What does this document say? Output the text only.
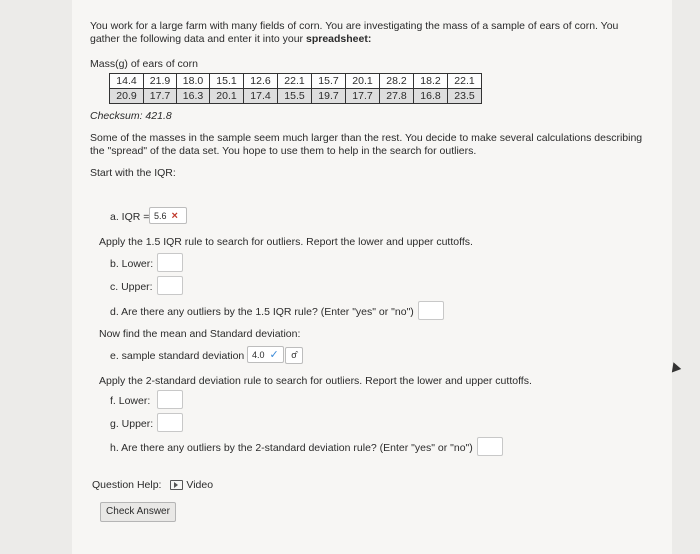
You work for a large farm with many fields of corn. You are investigating the mass of a sample of ears of corn. You gather the following data and enter it into your spreadsheet:
Mass(g) of ears of corn
14.4	21.9	18.0	15.1	12.6	22.1	15.7	20.1	28.2	18.2	22.1
20.9	17.7	16.3	20.1	17.4	15.5	19.7	17.7	27.8	16.8	23.5
Checksum: 421.8
Some of the masses in the sample seem much larger than the rest. You decide to make several calculations describing the "spread" of the data set. You hope to use them to help in the search for outliers.
Start with the IQR:
a. IQR = 5.6 ×
Apply the 1.5 IQR rule to search for outliers. Report the lower and upper cuttoffs.
b. Lower:
c. Upper:
d. Are there any outliers by the 1.5 IQR rule? (Enter "yes" or "no")
Now find the mean and Standard deviation:
e. sample standard deviation 4.0 ✓	σ̂
Apply the 2-standard deviation rule to search for outliers. Report the lower and upper cuttoffs.
f. Lower:
g. Upper:
h. Are there any outliers by the 2-standard deviation rule? (Enter "yes" or "no")
Question Help: Video
Check Answer
